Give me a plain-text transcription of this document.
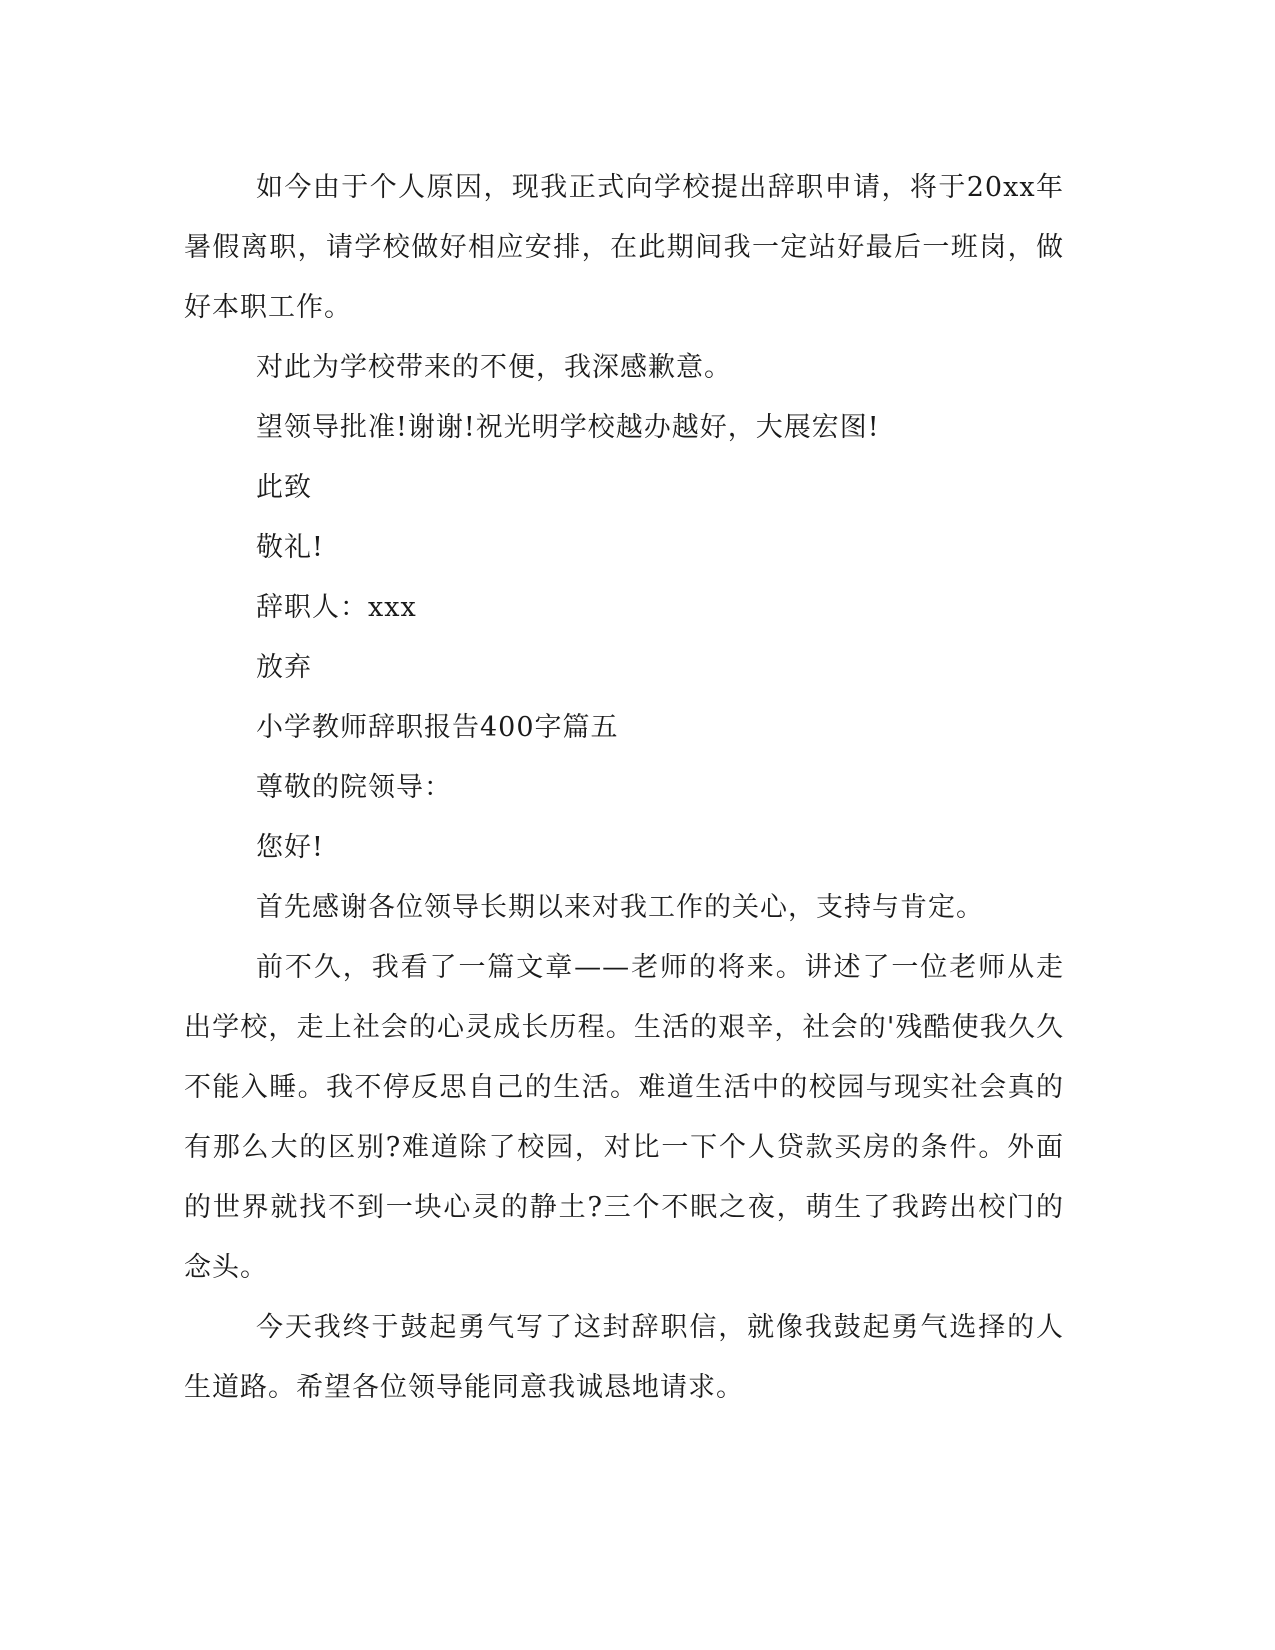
如今由于个人原因，现我正式向学校提出辞职申请，将于20xx年暑假离职，请学校做好相应安排，在此期间我一定站好最后一班岗，做好本职工作。

对此为学校带来的不便，我深感歉意。

望领导批准!谢谢!祝光明学校越办越好，大展宏图!

此致

敬礼!

辞职人：xxx

放弃

小学教师辞职报告400字篇五

尊敬的院领导：

您好!

首先感谢各位领导长期以来对我工作的关心，支持与肯定。

前不久，我看了一篇文章——老师的将来。讲述了一位老师从走出学校，走上社会的心灵成长历程。生活的艰辛，社会的'残酷使我久久不能入睡。我不停反思自己的生活。难道生活中的校园与现实社会真的有那么大的区别?难道除了校园，对比一下个人贷款买房的条件。外面的世界就找不到一块心灵的静土?三个不眠之夜，萌生了我跨出校门的念头。

今天我终于鼓起勇气写了这封辞职信，就像我鼓起勇气选择的人生道路。希望各位领导能同意我诚恳地请求。
